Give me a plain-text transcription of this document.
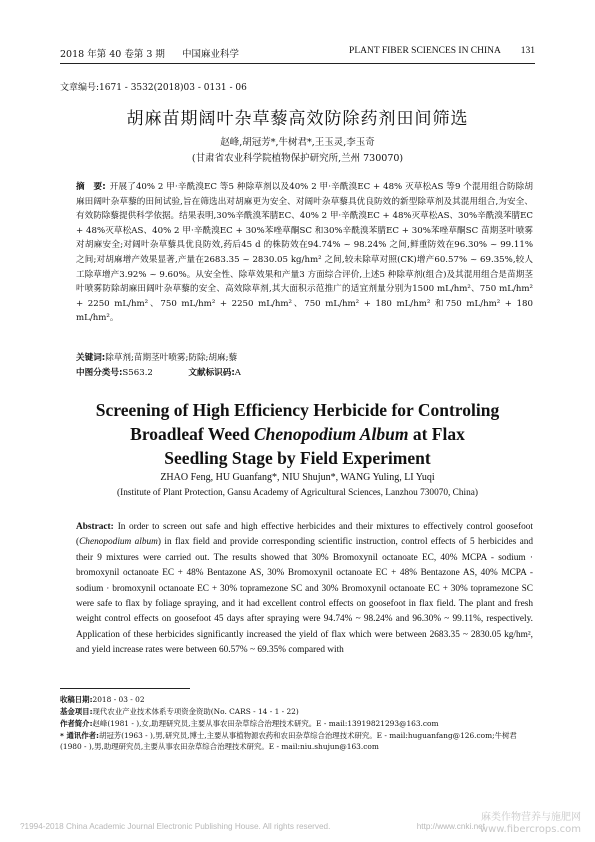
2018 年第 40 卷第 3 期 中国麻业科学	PLANT FIBER SCIENCES IN CHINA 131
文章编号:1671 - 3532(2018)03 - 0131 - 06
胡麻苗期阔叶杂草藜高效防除药剂田间筛选
赵峰,胡冠芳*,牛树君*,王玉灵,李玉奇
(甘肃省农业科学院植物保护研究所,兰州 730070)
摘　要: 开展了40% 2 甲·辛酰溴EC 等5 种除草剂以及40% 2 甲·辛酰溴EC + 48% 灭草松AS 等9 个混用组合防除胡麻田阔叶杂草藜的田间试验,旨在筛选出对胡麻更为安全、对阔叶杂草藜具优良防效的新型除草剂及其混用组合,为安全、有效防除藜提供科学依据。结果表明,30%辛酰溴苯腈EC、40% 2 甲·辛酰溴EC + 48%灭草松AS、30%辛酰溴苯腈EC + 48%灭草松AS、40% 2 甲·辛酰溴EC + 30%苯唑草酮SC 和30%辛酰溴苯腈EC + 30%苯唑草酮SC 苗期茎叶喷雾对胡麻安全;对阔叶杂草藜具优良防效,药后45 d 的株防效在94.74% ~ 98.24% 之间,鲜重防效在96.30% ~ 99.11% 之间;对胡麻增产效果显著,产量在2683.35 ~ 2830.05 kg/hm² 之间,较未除草对照(CK)增产60.57% ~ 69.35%,较人工除草增产3.92% ~ 9.60%。从安全性、除草效果和产量3 方面综合评价,上述5 种除草剂(组合)及其混用组合是苗期茎叶喷雾防除胡麻田阔叶杂草藜的安全、高效除草剂,其大面积示范推广的适宜剂量分别为1500 mL/hm²、750 mL/hm² + 2250 mL/hm²、750 mL/hm² + 2250 mL/hm²、750 mL/hm² + 180 mL/hm² 和750 mL/hm² + 180 mL/hm²。
关键词:除草剂;苗期茎叶喷雾;防除;胡麻;藜
中图分类号:S563.2	文献标识码:A
Screening of High Efficiency Herbicide for Controling
Broadleaf Weed Chenopodium Album at Flax
Seedling Stage by Field Experiment
ZHAO Feng, HU Guanfang*, NIU Shujun*, WANG Yuling, LI Yuqi
(Institute of Plant Protection, Gansu Academy of Agricultural Sciences, Lanzhou 730070, China)
Abstract: In order to screen out safe and high effective herbicides and their mixtures to effectively control goosefoot (Chenopodium album) in flax field and provide corresponding scientific instruction, control effects of 5 herbicides and their 9 mixtures were carried out. The results showed that 30% Bromoxynil octanoate EC, 40% MCPA - sodium · bromoxynil octanoate EC + 48% Bentazone AS, 30% Bromoxynil octanoate EC + 48% Bentazone AS, 40% MCPA - sodium · bromoxynil octanoate EC + 30% topramezone SC and 30% Bromoxynil octanoate EC + 30% topramezone SC were safe to flax by foliage spraying, and it had excellent control effects on goosefoot in flax field. The plant and fresh weight control effects on goosefoot 45 days after spraying were 94.74% ~ 98.24% and 96.30% ~ 99.11%, respectively. Application of these herbicides significantly increased the yield of flax which were between 2683.35 ~ 2830.05 kg/hm², and yield increase rates were between 60.57% ~ 69.35% compared with
收稿日期:2018 - 03 - 02
基金项目:现代农业产业技术体系专项资金资助(No. CARS - 14 - 1 - 22)
作者简介:赵峰(1981 - ),女,助理研究员,主要从事农田杂草综合治理技术研究。E - mail:13919821293@163.com
* 通讯作者:胡冠芳(1963 - ),男,研究员,博士,主要从事植物源农药和农田杂草综合治理技术研究。E - mail:huguanfang@126.com;牛树君(1980 - ),男,助理研究员,主要从事农田杂草综合治理技术研究。E - mail:niu.shujun@163.com
?1994-2018 China Academic Journal Electronic Publishing House. All rights reserved.	http://www.cnki.net
麻类作物营养与施肥网
www.fibercrops.com
